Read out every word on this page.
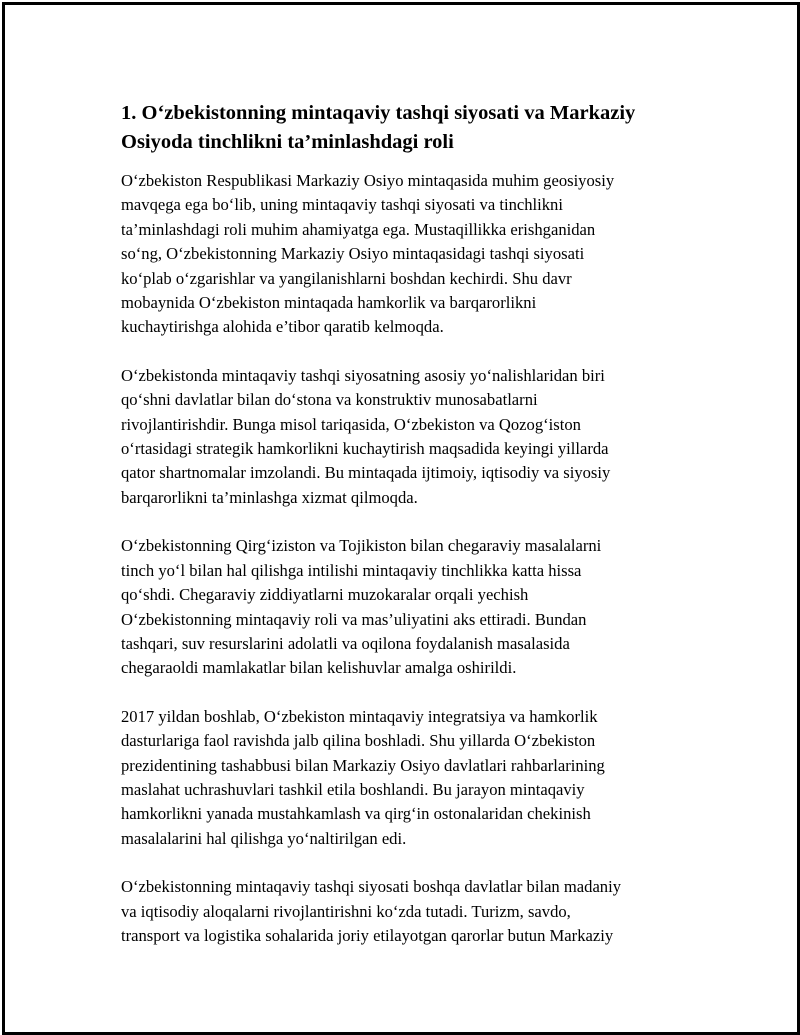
1. O‘zbekistonning mintaqaviy tashqi siyosati va Markaziy
Osiyoda tinchlikni ta’minlashdagi roli

O‘zbekiston Respublikasi Markaziy Osiyo mintaqasida muhim geosiyosiy
mavqega ega bo‘lib, uning mintaqaviy tashqi siyosati va tinchlikni
ta’minlashdagi roli muhim ahamiyatga ega. Mustaqillikka erishganidan
so‘ng, O‘zbekistonning Markaziy Osiyo mintaqasidagi tashqi siyosati
ko‘plab o‘zgarishlar va yangilanishlarni boshdan kechirdi. Shu davr
mobaynida O‘zbekiston mintaqada hamkorlik va barqarorlikni
kuchaytirishga alohida e’tibor qaratib kelmoqda.

O‘zbekistonda mintaqaviy tashqi siyosatning asosiy yo‘nalishlaridan biri
qo‘shni davlatlar bilan do‘stona va konstruktiv munosabatlarni
rivojlantirishdir. Bunga misol tariqasida, O‘zbekiston va Qozog‘iston
o‘rtasidagi strategik hamkorlikni kuchaytirish maqsadida keyingi yillarda
qator shartnomalar imzolandi. Bu mintaqada ijtimoiy, iqtisodiy va siyosiy
barqarorlikni ta’minlashga xizmat qilmoqda.

O‘zbekistonning Qirg‘iziston va Tojikiston bilan chegaraviy masalalarni
tinch yo‘l bilan hal qilishga intilishi mintaqaviy tinchlikka katta hissa
qo‘shdi. Chegaraviy ziddiyatlarni muzokaralar orqali yechish
O‘zbekistonning mintaqaviy roli va mas’uliyatini aks ettiradi. Bundan
tashqari, suv resurslarini adolatli va oqilona foydalanish masalasida
chegaraoldi mamlakatlar bilan kelishuvlar amalga oshirildi.

2017 yildan boshlab, O‘zbekiston mintaqaviy integratsiya va hamkorlik
dasturlariga faol ravishda jalb qilina boshladi. Shu yillarda O‘zbekiston
prezidentining tashabbusi bilan Markaziy Osiyo davlatlari rahbarlarining
maslahat uchrashuvlari tashkil etila boshlandi. Bu jarayon mintaqaviy
hamkorlikni yanada mustahkamlash va qirg‘in ostonalaridan chekinish
masalalarini hal qilishga yo‘naltirilgan edi.

O‘zbekistonning mintaqaviy tashqi siyosati boshqa davlatlar bilan madaniy
va iqtisodiy aloqalarni rivojlantirishni ko‘zda tutadi. Turizm, savdo,
transport va logistika sohalarida joriy etilayotgan qarorlar butun Markaziy
